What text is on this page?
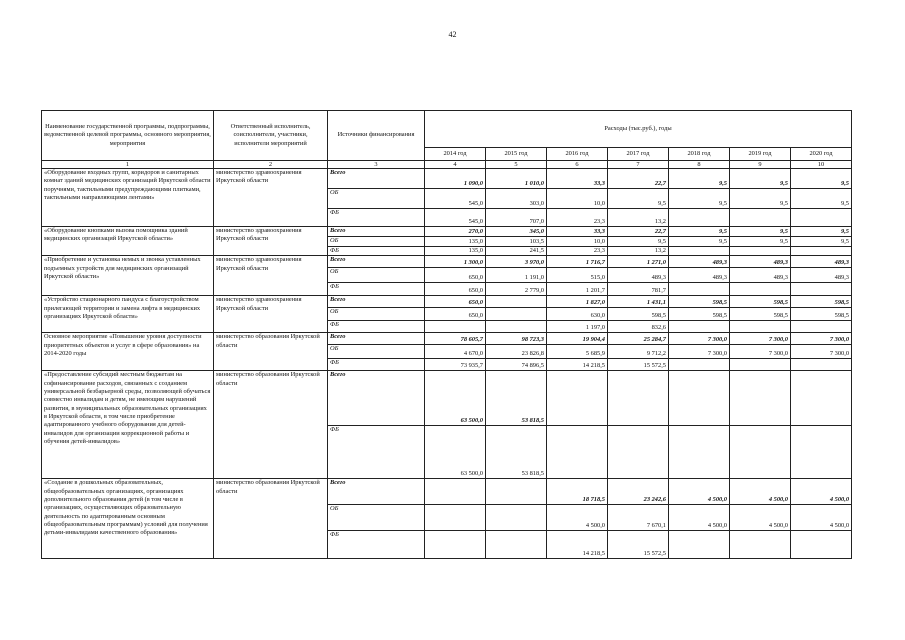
42
Наименование государственной программы, подпрограммы, ведомственной целевой программы, основного мероприятия, мероприятия	Ответственный исполнитель, соисполнители, участники, исполнители мероприятий	Источники финансирования	Расходы (тыс.руб.), годы						
			2014 год	2015 год	2016 год	2017 год	2018 год	2019 год	2020 год
1	2	3	4	5	6	7	8	9	10
«Оборудование входных групп, коридоров и санитарных комнат зданий медицинских организаций Иркутской области поручнями, тактильными предупреждающими плитками, тактильными направляющими лентами»	министерство здравоохранения Иркутской области	Всего	1 090,0	1 010,0	33,3	22,7	9,5	9,5	9,5
		ОБ	545,0	303,0	10,0	9,5	9,5	9,5	9,5
		ФБ	545,0	707,0	23,3	13,2			
«Оборудование кнопками вызова помощника зданий медицинских организаций Иркутской области»	министерство здравоохранения Иркутской области	Всего	270,0	345,0	33,3	22,7	9,5	9,5	9,5
		ОБ	135,0	103,5	10,0	9,5	9,5	9,5	9,5
		ФБ	135,0	241,5	23,3	13,2			
«Приобретение и установка немых и звонка уставленных подъемных устройств для медицинских организаций Иркутской области»	министерство здравоохранения Иркутской области	Всего	1 300,0	3 970,0	1 716,7	1 271,0	489,3	489,3	489,3
		ОБ	650,0	1 191,0	515,0	489,3	489,3	489,3	489,3
		ФБ	650,0	2 779,0	1 201,7	781,7			
«Устройство стационарного пандуса с благоустройством прилегающей территории и замена лифта в медицинских организациях Иркутской области»	министерство здравоохранения Иркутской области	Всего	650,0		1 827,0	1 431,1	598,5	598,5	598,5
		ОБ	650,0		630,0	598,5	598,5	598,5	598,5
		ФБ			1 197,0	832,6			
Основное мероприятие «Повышение уровня доступности приоритетных объектов и услуг в сфере образования» на 2014-2020 годы	министерство образования Иркутской области	Всего	78 605,7	98 723,3	19 904,4	25 284,7	7 300,0	7 300,0	7 300,0
		ОБ	4 670,0	23 826,8	5 685,9	9 712,2	7 300,0	7 300,0	7 300,0
		ФБ	73 935,7	74 896,5	14 218,5	15 572,5			
«Предоставление субсидий местным бюджетам на софинансирование расходов, связанных с созданием универсальной безбарьерной среды, позволяющей обучаться совместно инвалидам и детям, не имеющим нарушений развития, в муниципальных образовательных организациях в Иркутской области, в том числе приобретение адаптированного учебного оборудования для детей-инвалидов для организации коррекционной работы и обучения детей-инвалидов»	министерство образования Иркутской области	Всего	63 500,0	53 818,5					
		ФБ	63 500,0	53 818,5					
«Создание в дошкольных образовательных, общеобразовательных организациях, организациях дополнительного образования детей (в том числе в организациях, осуществляющих образовательную деятельность по адаптированным основным общеобразовательным программам) условий для получения детьми-инвалидами качественного образования»	министерство образования Иркутской области	Всего			18 718,5	23 242,6	4 500,0	4 500,0	4 500,0
		ОБ			4 500,0	7 670,1	4 500,0	4 500,0	4 500,0
		ФБ			14 218,5	15 572,5			
